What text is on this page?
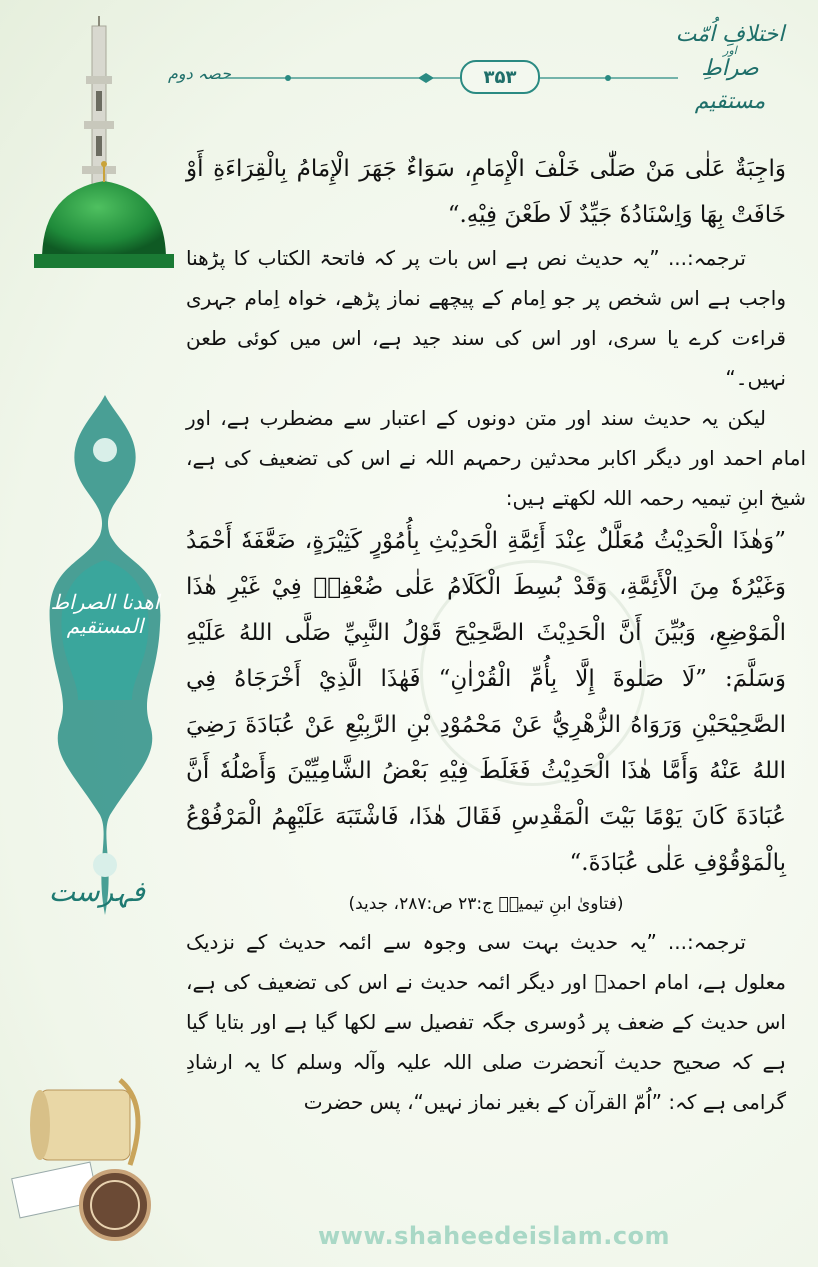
اختلافِ اُمّت
اور
صراطِ مستقیم
حصہ دوم	۳۵۳
اھدنا الصراط المستقیم
فہرست

وَاجِبَةٌ عَلٰى مَنْ صَلّٰى خَلْفَ الْإِمَامِ، سَوَاءٌ جَهَرَ الْإِمَامُ بِالْقِرَاءَةِ أَوْ خَافَتْ بِهَا وَاِسْنَادُهٗ جَيِّدٌ لَا طَعْنَ فِيْهِ.“

ترجمہ:... ”یہ حدیث نص ہے اس بات پر کہ فاتحۃ الکتاب کا پڑھنا واجب ہے اس شخص پر جو اِمام کے پیچھے نماز پڑھے، خواہ اِمام جہری قراءت کرے یا سری، اور اس کی سند جید ہے، اس میں کوئی طعن نہیں۔“

لیکن یہ حدیث سند اور متن دونوں کے اعتبار سے مضطرب ہے، اور امام احمد اور دیگر اکابر محدثین رحمہم اللہ نے اس کی تضعیف کی ہے، شیخ ابنِ تیمیہ رحمہ اللہ لکھتے ہیں:

”وَهٰذَا الْحَدِيْثُ مُعَلَّلٌ عِنْدَ أَئِمَّةِ الْحَدِيْثِ بِأُمُوْرٍ كَثِيْرَةٍ، ضَعَّفَهٗ أَحْمَدُ وَغَيْرُهٗ مِنَ الْأَئِمَّةِ، وَقَدْ بُسِطَ الْكَلَامُ عَلٰى ضُعْفِهٖ فِيْ غَيْرِ هٰذَا الْمَوْضِعِ، وَبُيِّنَ أَنَّ الْحَدِيْثَ الصَّحِيْحَ قَوْلُ النَّبِيِّ صَلَّى اللهُ عَلَيْهِ وَسَلَّمَ: ”لَا صَلٰوةَ إِلَّا بِأُمِّ الْقُرْاٰنِ“ فَهٰذَا الَّذِيْ أَخْرَجَاهُ فِي الصَّحِيْحَيْنِ وَرَوَاهُ الزُّهْرِيُّ عَنْ مَحْمُوْدِ بْنِ الرَّبِيْعِ عَنْ عُبَادَةَ رَضِيَ اللهُ عَنْهُ وَأَمَّا هٰذَا الْحَدِيْثُ فَغَلَطَ فِيْهِ بَعْضُ الشَّامِيِّيْنَ وَأَصْلُهٗ أَنَّ عُبَادَةَ كَانَ يَوْمًا بَيْتَ الْمَقْدِسِ فَقَالَ هٰذَا، فَاشْتَبَهَ عَلَيْهِمُ الْمَرْفُوْعُ بِالْمَوْقُوْفِ عَلٰى عُبَادَةَ.“

(فتاویٰ ابنِ تیمیہؒ ج:۲۳ ص:۲۸۷، جدید)

ترجمہ:... ”یہ حدیث بہت سی وجوہ سے ائمہ حدیث کے نزدیک معلول ہے، امام احمدؒ اور دیگر ائمہ حدیث نے اس کی تضعیف کی ہے، اس حدیث کے ضعف پر دُوسری جگہ تفصیل سے لکھا گیا ہے اور بتایا گیا ہے کہ صحیح حدیث آنحضرت صلی اللہ علیہ وآلہ وسلم کا یہ ارشادِ گرامی ہے کہ: ”اُمّ القرآن کے بغیر نماز نہیں“، پس حضرت

www.shaheedeislam.com
